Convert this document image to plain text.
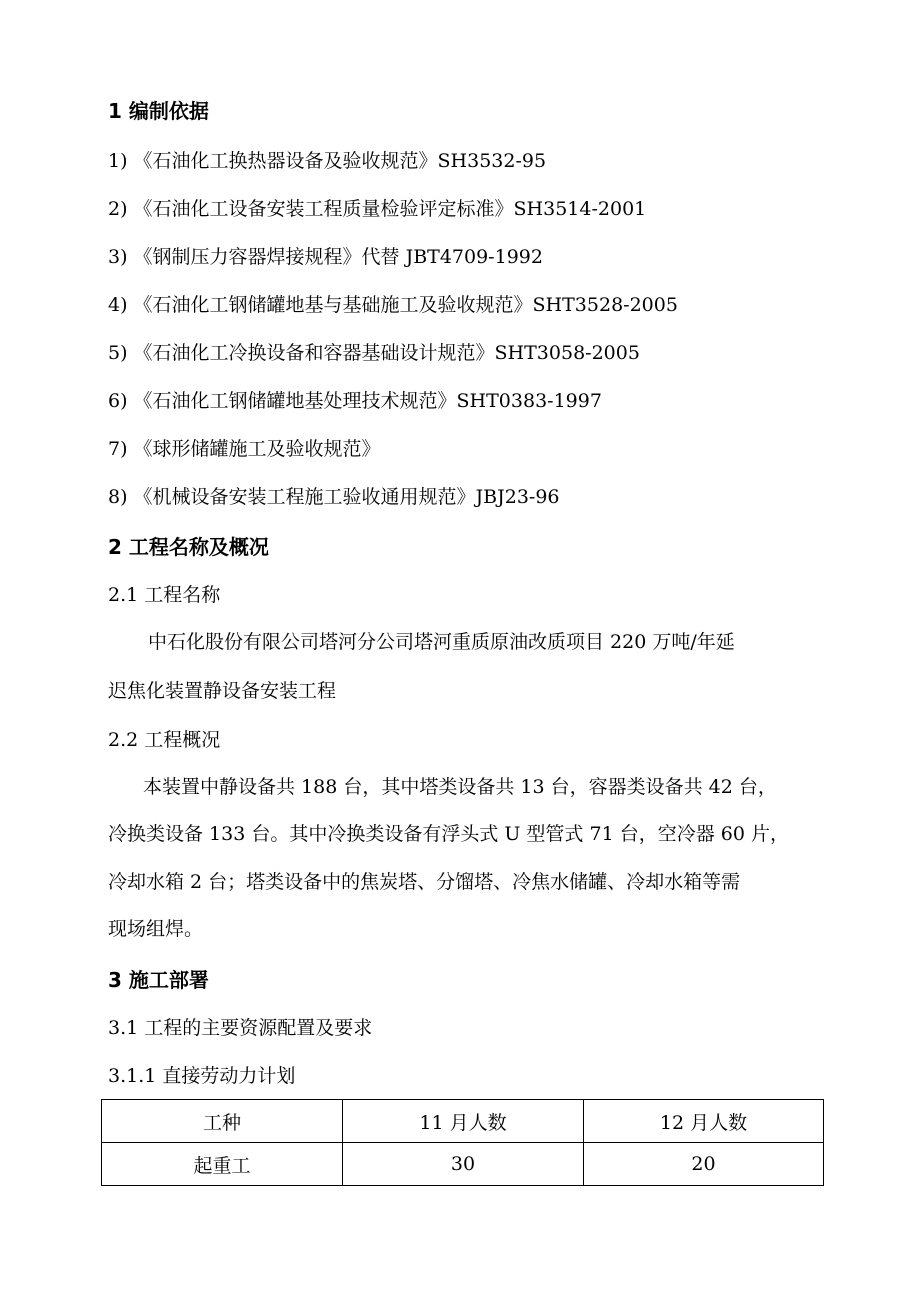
1 编制依据
1) 《石油化工换热器设备及验收规范》SH3532-95
2) 《石油化工设备安装工程质量检验评定标准》SH3514-2001
3) 《钢制压力容器焊接规程》代替 JBT4709-1992
4) 《石油化工钢储罐地基与基础施工及验收规范》SHT3528-2005
5) 《石油化工冷换设备和容器基础设计规范》SHT3058-2005
6) 《石油化工钢储罐地基处理技术规范》SHT0383-1997
7) 《球形储罐施工及验收规范》
8) 《机械设备安装工程施工验收通用规范》JBJ23-96
2 工程名称及概况
2.1 工程名称
中石化股份有限公司塔河分公司塔河重质原油改质项目 220 万吨/年延
迟焦化装置静设备安装工程
2.2 工程概况
本装置中静设备共 188 台，其中塔类设备共 13 台，容器类设备共 42 台，
冷换类设备 133 台。其中冷换类设备有浮头式 U 型管式 71 台，空冷器 60 片，
冷却水箱 2 台；塔类设备中的焦炭塔、分馏塔、冷焦水储罐、冷却水箱等需
现场组焊。
3 施工部署
3.1 工程的主要资源配置及要求
3.1.1 直接劳动力计划
工种	11 月人数	12 月人数
起重工	30	20
